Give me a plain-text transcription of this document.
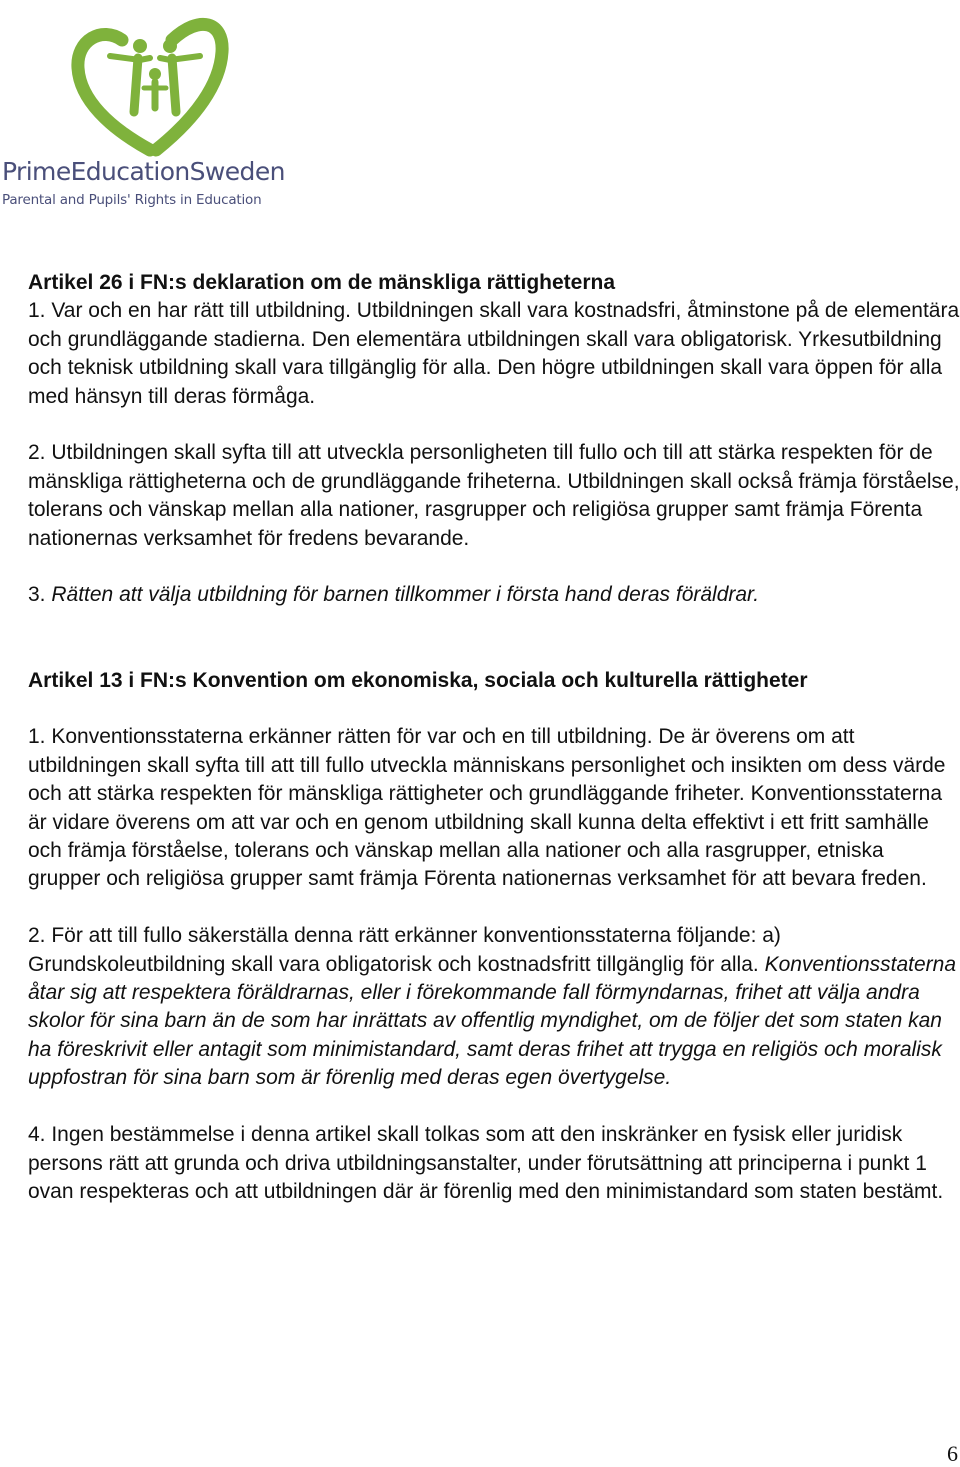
PrimeEducationSweden
Parental and Pupils' Rights in Education
Artikel 26 i FN:s deklaration om de mänskliga rättigheterna

1. Var och en har rätt till utbildning. Utbildningen skall vara kostnadsfri, åtminstone på de elementära och grundläggande stadierna. Den elementära utbildningen skall vara obligatorisk. Yrkesutbildning och teknisk utbildning skall vara tillgänglig för alla. Den högre utbildningen skall vara öppen för alla med hänsyn till deras förmåga.

2. Utbildningen skall syfta till att utveckla personligheten till fullo och till att stärka respekten för de mänskliga rättigheterna och de grundläggande friheterna. Utbildningen skall också främja förståelse, tolerans och vänskap mellan alla nationer, rasgrupper och religiösa grupper samt främja Förenta nationernas verksamhet för fredens bevarande.

3. Rätten att välja utbildning för barnen tillkommer i första hand deras föräldrar.

Artikel 13 i FN:s Konvention om ekonomiska, sociala och kulturella rättigheter

1. Konventionsstaterna erkänner rätten för var och en till utbildning. De är överens om att utbildningen skall syfta till att till fullo utveckla människans personlighet och insikten om dess värde och att stärka respekten för mänskliga rättigheter och grundläggande friheter. Konventionsstaterna är vidare överens om att var och en genom utbildning skall kunna delta effektivt i ett fritt samhälle och främja förståelse, tolerans och vänskap mellan alla nationer och alla rasgrupper, etniska grupper och religiösa grupper samt främja Förenta nationernas verksamhet för att bevara freden.

2. För att till fullo säkerställa denna rätt erkänner konventionsstaterna följande: a) Grundskoleutbildning skall vara obligatorisk och kostnadsfritt tillgänglig för alla. Konventionsstaterna åtar sig att respektera föräldrarnas, eller i förekommande fall förmyndarnas, frihet att välja andra skolor för sina barn än de som har inrättats av offentlig myndighet, om de följer det som staten kan ha föreskrivit eller antagit som minimistandard, samt deras frihet att trygga en religiös och moralisk uppfostran för sina barn som är förenlig med deras egen övertygelse.

4. Ingen bestämmelse i denna artikel skall tolkas som att den inskränker en fysisk eller juridisk persons rätt att grunda och driva utbildningsanstalter, under förutsättning att principerna i punkt 1 ovan respekteras och att utbildningen där är förenlig med den minimistandard som staten bestämt.

6
